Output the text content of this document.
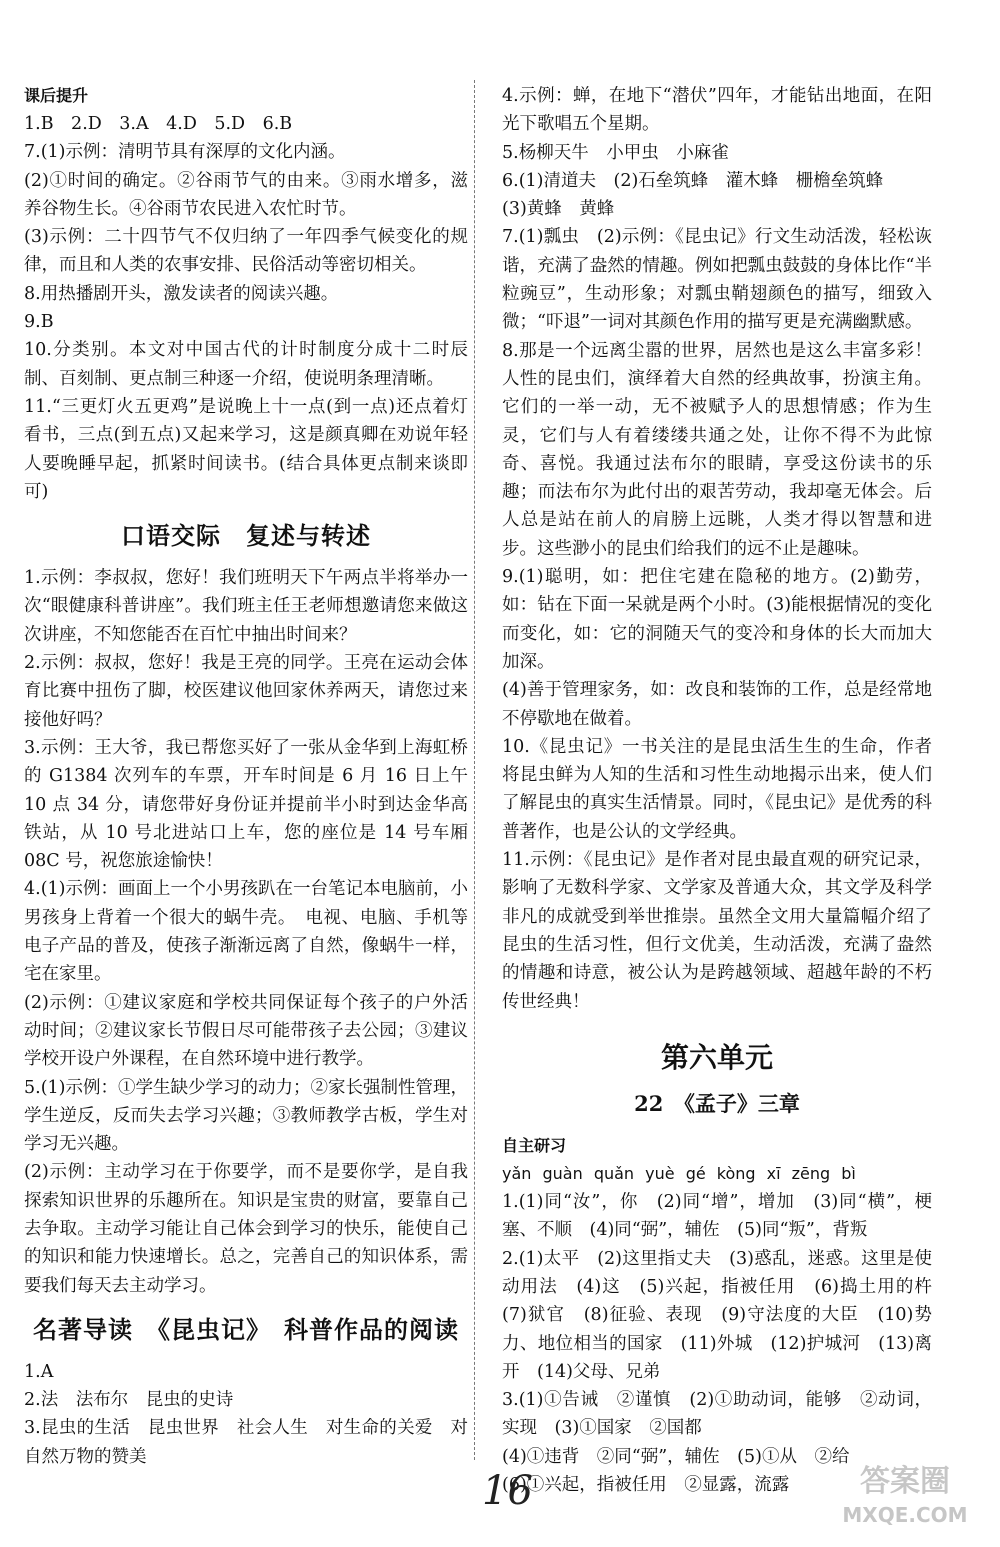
课后提升

1.B　2.D　3.A　4.D　5.D　6.B

7.(1)示例：清明节具有深厚的文化内涵。

(2)①时间的确定。②谷雨节气的由来。③雨水增多，滋养谷物生长。④谷雨节农民进入农忙时节。

(3)示例：二十四节气不仅归纳了一年四季气候变化的规律，而且和人类的农事安排、民俗活动等密切相关。

8.用热播剧开头，激发读者的阅读兴趣。

9.B

10.分类别。本文对中国古代的计时制度分成十二时辰制、百刻制、更点制三种逐一介绍，使说明条理清晰。

11.“三更灯火五更鸡”是说晚上十一点(到一点)还点着灯看书，三点(到五点)又起来学习，这是颜真卿在劝说年轻人要晚睡早起，抓紧时间读书。(结合具体更点制来谈即可)

口语交际　复述与转述

1.示例：李叔叔，您好！我们班明天下午两点半将举办一次“眼健康科普讲座”。我们班主任王老师想邀请您来做这次讲座，不知您能否在百忙中抽出时间来？

2.示例：叔叔，您好！我是王亮的同学。王亮在运动会体育比赛中扭伤了脚，校医建议他回家休养两天，请您过来接他好吗？

3.示例：王大爷，我已帮您买好了一张从金华到上海虹桥的 G1384 次列车的车票，开车时间是 6 月 16 日上午 10 点 34 分，请您带好身份证并提前半小时到达金华高铁站，从 10 号北进站口上车，您的座位是 14 号车厢 08C 号，祝您旅途愉快！

4.(1)示例：画面上一个小男孩趴在一台笔记本电脑前，小男孩身上背着一个很大的蜗牛壳。　电视、电脑、手机等电子产品的普及，使孩子渐渐远离了自然，像蜗牛一样，宅在家里。

(2)示例：①建议家庭和学校共同保证每个孩子的户外活动时间；②建议家长节假日尽可能带孩子去公园；③建议学校开设户外课程，在自然环境中进行教学。

5.(1)示例：①学生缺少学习的动力；②家长强制性管理，学生逆反，反而失去学习兴趣；③教师教学古板，学生对学习无兴趣。

(2)示例：主动学习在于你要学，而不是要你学，是自我探索知识世界的乐趣所在。知识是宝贵的财富，要靠自己去争取。主动学习能让自己体会到学习的快乐，能使自己的知识和能力快速增长。总之，完善自己的知识体系，需要我们每天去主动学习。

名著导读　《昆虫记》　科普作品的阅读

1.A

2.法　法布尔　昆虫的史诗

3.昆虫的生活　昆虫世界　社会人生　对生命的关爱　对自然万物的赞美

4.示例：蝉，在地下“潜伏”四年，才能钻出地面，在阳光下歌唱五个星期。

5.杨柳天牛　小甲虫　小麻雀

6.(1)清道夫　(2)石垒筑蜂　灌木蜂　栅檐垒筑蜂

(3)黄蜂　黄蜂

7.(1)瓢虫　(2)示例：《昆虫记》行文生动活泼，轻松诙谐，充满了盎然的情趣。例如把瓢虫鼓鼓的身体比作“半粒豌豆”，生动形象；对瓢虫鞘翅颜色的描写，细致入微；“吓退”一词对其颜色作用的描写更是充满幽默感。

8.那是一个远离尘嚣的世界，居然也是这么丰富多彩！人性的昆虫们，演绎着大自然的经典故事，扮演主角。它们的一举一动，无不被赋予人的思想情感；作为生灵，它们与人有着缕缕共通之处，让你不得不为此惊奇、喜悦。我通过法布尔的眼睛，享受这份读书的乐趣；而法布尔为此付出的艰苦劳动，我却毫无体会。后人总是站在前人的肩膀上远眺，人类才得以智慧和进步。这些渺小的昆虫们给我们的远不止是趣味。

9.(1)聪明，如：把住宅建在隐秘的地方。(2)勤劳，如：钻在下面一呆就是两个小时。(3)能根据情况的变化而变化，如：它的洞随天气的变冷和身体的长大而加大加深。

(4)善于管理家务，如：改良和装饰的工作，总是经常地不停歇地在做着。

10.《昆虫记》一书关注的是昆虫活生生的生命，作者将昆虫鲜为人知的生活和习性生动地揭示出来，使人们了解昆虫的真实生活情景。同时，《昆虫记》是优秀的科普著作，也是公认的文学经典。

11.示例：《昆虫记》是作者对昆虫最直观的研究记录，影响了无数科学家、文学家及普通大众，其文学及科学非凡的成就受到举世推崇。虽然全文用大量篇幅介绍了昆虫的生活习性，但行文优美，生动活泼，充满了盎然的情趣和诗意，被公认为是跨越领域、超越年龄的不朽传世经典！

第六单元
22　《孟子》三章

自主研习

yǎn guàn quǎn yuè gé kòng xī zēng bì

1.(1)同“汝”，你　(2)同“增”，增加　(3)同“横”，梗塞、不顺　(4)同“弼”，辅佐　(5)同“叛”，背叛

2.(1)太平　(2)这里指丈夫　(3)惑乱，迷惑。这里是使动用法　(4)这　(5)兴起，指被任用　(6)捣土用的杵　(7)狱官　(8)征验、表现　(9)守法度的大臣　(10)势力、地位相当的国家　(11)外城　(12)护城河　(13)离开　(14)父母、兄弟

3.(1)①告诫　②谨慎　(2)①助动词，能够　②动词，实现　(3)①国家　②国都

(4)①违背　②同“弼”，辅佐　(5)①从　②给

(6)①兴起，指被任用　②显露，流露

16	答案圈
MXQE.COM
